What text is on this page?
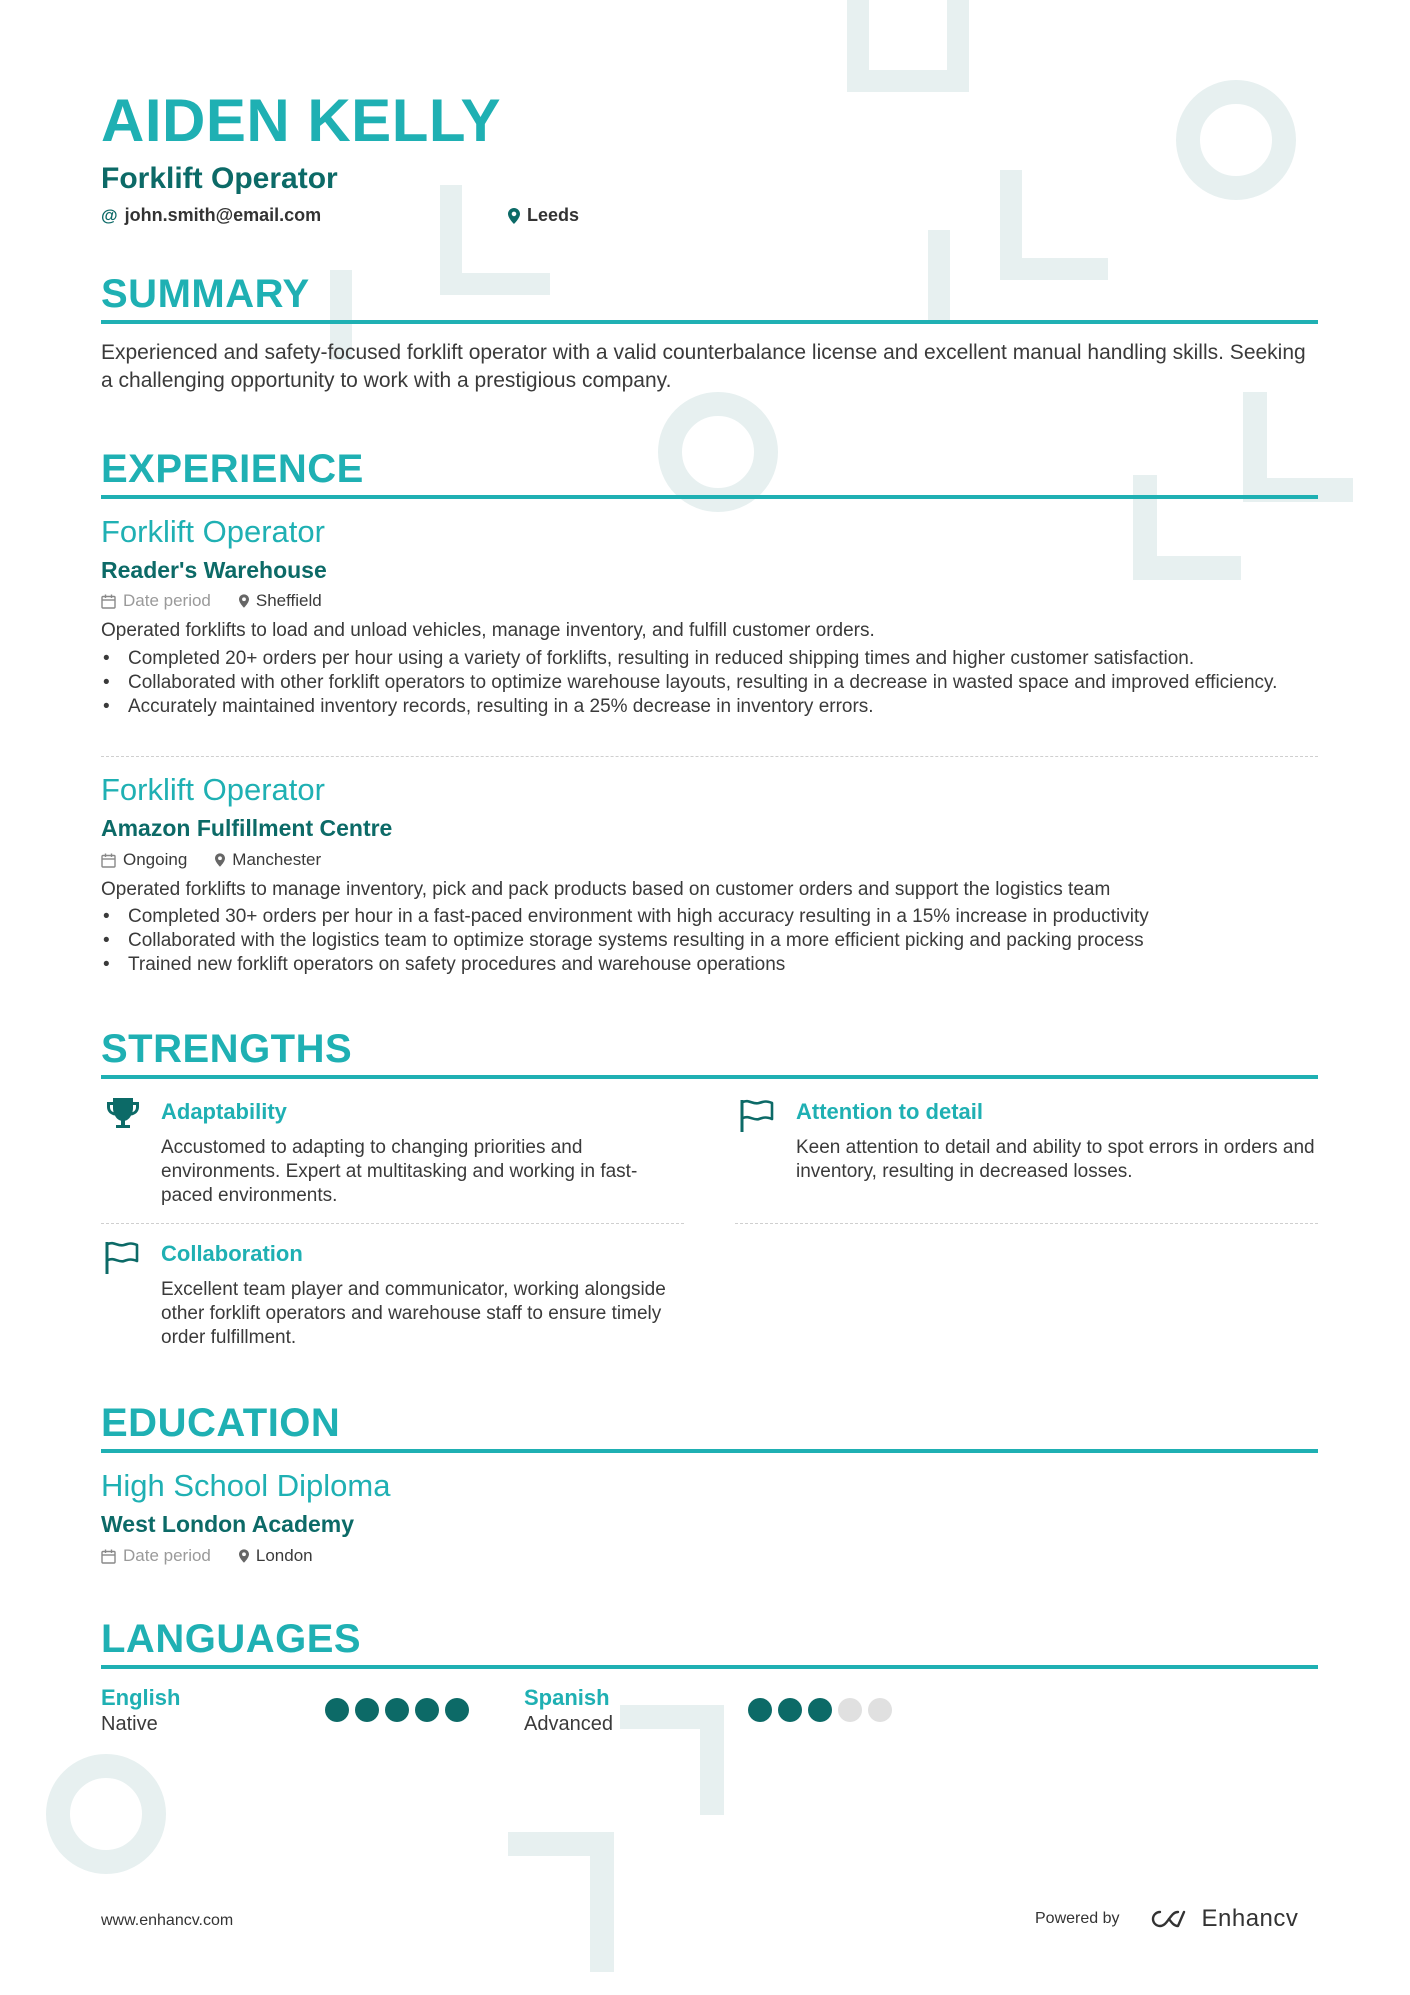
AIDEN KELLY
Forklift Operator
@ john.smith@email.com	Leeds
SUMMARY
Experienced and safety-focused forklift operator with a valid counterbalance license and excellent manual handling skills. Seeking a challenging opportunity to work with a prestigious company.
EXPERIENCE
Forklift Operator
Reader's Warehouse
Date period	Sheffield
Operated forklifts to load and unload vehicles, manage inventory, and fulfill customer orders.
• Completed 20+ orders per hour using a variety of forklifts, resulting in reduced shipping times and higher customer satisfaction.
• Collaborated with other forklift operators to optimize warehouse layouts, resulting in a decrease in wasted space and improved efficiency.
• Accurately maintained inventory records, resulting in a 25% decrease in inventory errors.
Forklift Operator
Amazon Fulfillment Centre
Ongoing	Manchester
Operated forklifts to manage inventory, pick and pack products based on customer orders and support the logistics team
• Completed 30+ orders per hour in a fast-paced environment with high accuracy resulting in a 15% increase in productivity
• Collaborated with the logistics team to optimize storage systems resulting in a more efficient picking and packing process
• Trained new forklift operators on safety procedures and warehouse operations
STRENGTHS
Adaptability
Accustomed to adapting to changing priorities and environments. Expert at multitasking and working in fast-paced environments.
Attention to detail
Keen attention to detail and ability to spot errors in orders and inventory, resulting in decreased losses.
Collaboration
Excellent team player and communicator, working alongside other forklift operators and warehouse staff to ensure timely order fulfillment.
EDUCATION
High School Diploma
West London Academy
Date period	London
LANGUAGES
English
Native
Spanish
Advanced
www.enhancv.com	Powered by	Enhancv
